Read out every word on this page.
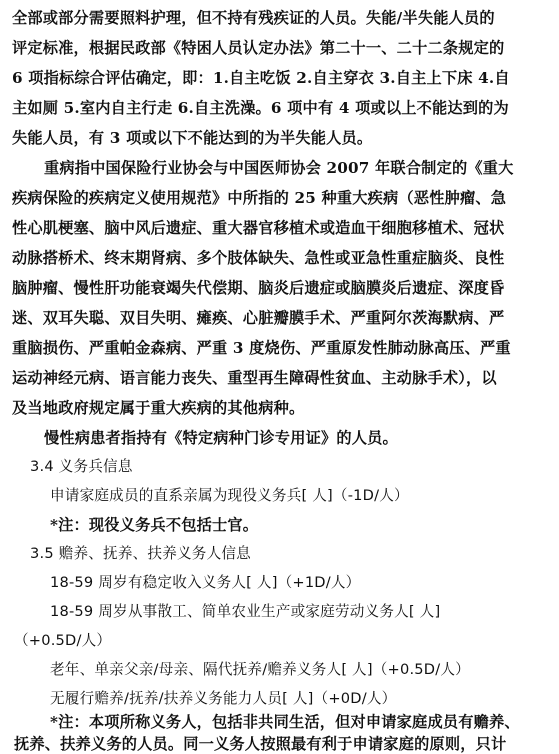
全部或部分需要照料护理，但不持有残疾证的人员。失能/半失能人员的
评定标准，根据民政部《特困人员认定办法》第二十一、二十二条规定的
6 项指标综合评估确定，即：1.自主吃饭 2.自主穿衣 3.自主上下床 4.自
主如厕 5.室内自主行走 6.自主洗澡。6 项中有 4 项或以上不能达到的为
失能人员，有 3 项或以下不能达到的为半失能人员。
重病指中国保险行业协会与中国医师协会 2007 年联合制定的《重大
疾病保险的疾病定义使用规范》中所指的 25 种重大疾病（恶性肿瘤、急
性心肌梗塞、脑中风后遗症、重大器官移植术或造血干细胞移植术、冠状
动脉搭桥术、终末期肾病、多个肢体缺失、急性或亚急性重症脑炎、良性
脑肿瘤、慢性肝功能衰竭失代偿期、脑炎后遗症或脑膜炎后遗症、深度昏
迷、双耳失聪、双目失明、瘫痪、心脏瓣膜手术、严重阿尔茨海默病、严
重脑损伤、严重帕金森病、严重 3 度烧伤、严重原发性肺动脉高压、严重
运动神经元病、语言能力丧失、重型再生障碍性贫血、主动脉手术），以
及当地政府规定属于重大疾病的其他病种。
慢性病患者指持有《特定病种门诊专用证》的人员。
3.4 义务兵信息
申请家庭成员的直系亲属为现役义务兵[ 人]（-1D/人）
*注：现役义务兵不包括士官。
3.5 赡养、抚养、扶养义务人信息
18-59 周岁有稳定收入义务人[ 人]（+1D/人）
18-59 周岁从事散工、简单农业生产或家庭劳动义务人[ 人]
（+0.5D/人）
老年、单亲父亲/母亲、隔代抚养/赡养义务人[ 人]（+0.5D/人）
无履行赡养/抚养/扶养义务能力人员[ 人]（+0D/人）
*注：本项所称义务人，包括非共同生活，但对申请家庭成员有赡养、
抚养、扶养义务的人员。同一义务人按照最有利于申请家庭的原则，只计
